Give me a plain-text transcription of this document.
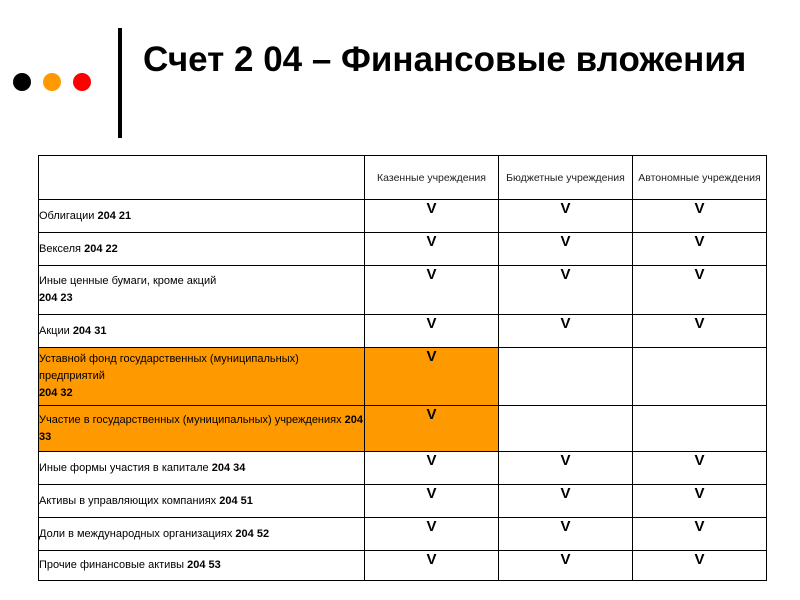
Счет 2 04 – Финансовые вложения
	Казенные учреждения	Бюджетные учреждения	Автономные учреждения
Облигации 204 21	V	V	V
Векселя 204 22	V	V	V
Иные ценные бумаги, кроме акций
204 23	V	V	V
Акции 204 31	V	V	V
Уставной фонд государственных (муниципальных) предприятий
204 32	V		
Участие в государственных (муниципальных) учреждениях 204 33	V		
Иные формы участия в капитале 204 34	V	V	V
Активы в управляющих компаниях 204 51	V	V	V
Доли в международных организациях 204 52	V	V	V
Прочие финансовые активы 204 53	V	V	V
